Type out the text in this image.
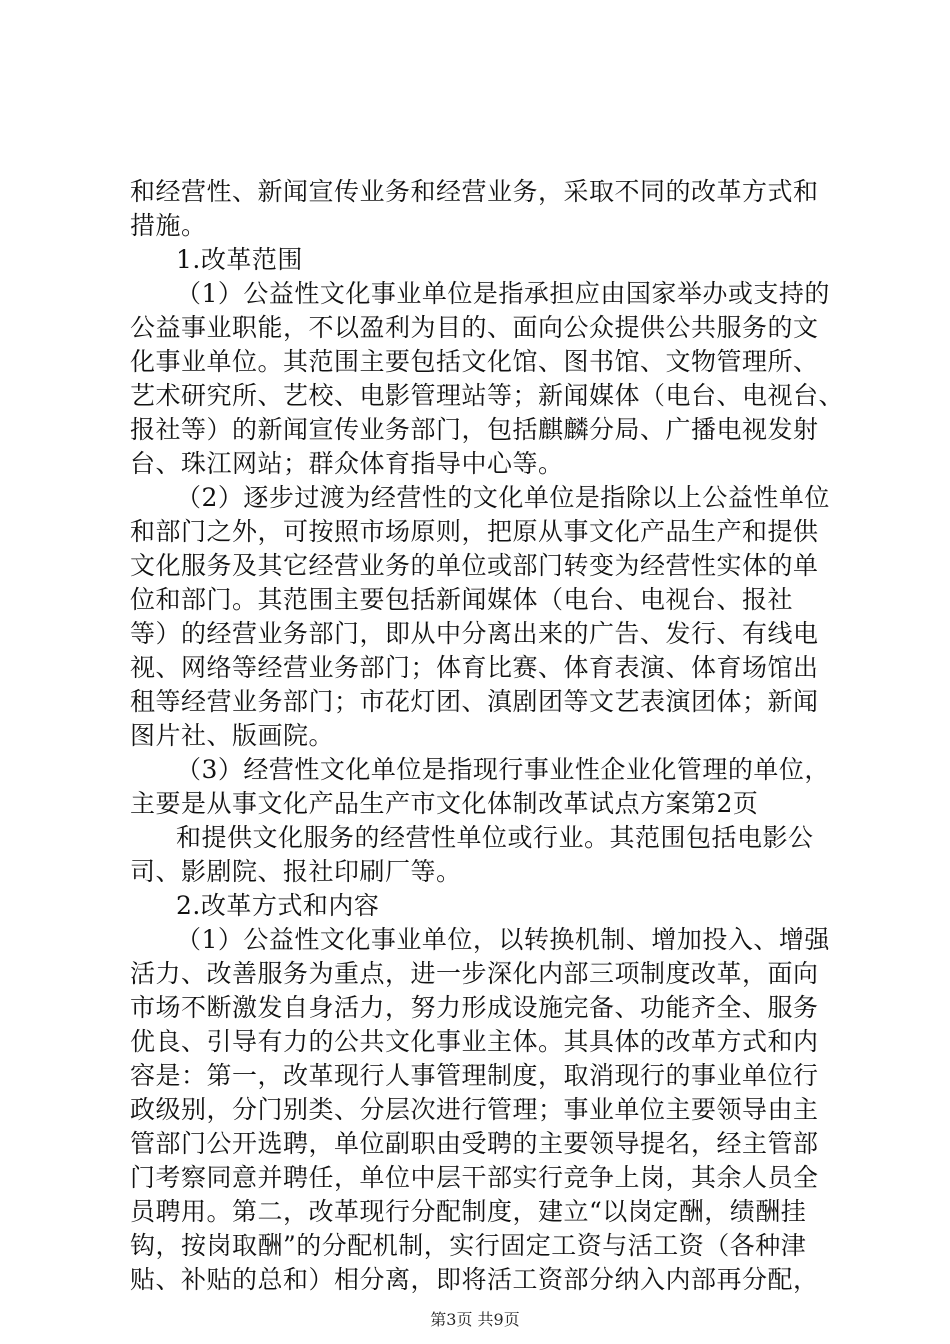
和经营性、新闻宣传业务和经营业务，采取不同的改革方式和
措施。
1.改革范围
（1）公益性文化事业单位是指承担应由国家举办或支持的
公益事业职能，不以盈利为目的、面向公众提供公共服务的文
化事业单位。其范围主要包括文化馆、图书馆、文物管理所、
艺术研究所、艺校、电影管理站等；新闻媒体（电台、电视台、
报社等）的新闻宣传业务部门，包括麒麟分局、广播电视发射
台、珠江网站；群众体育指导中心等。
（2）逐步过渡为经营性的文化单位是指除以上公益性单位
和部门之外，可按照市场原则，把原从事文化产品生产和提供
文化服务及其它经营业务的单位或部门转变为经营性实体的单
位和部门。其范围主要包括新闻媒体（电台、电视台、报社
等）的经营业务部门，即从中分离出来的广告、发行、有线电
视、网络等经营业务部门；体育比赛、体育表演、体育场馆出
租等经营业务部门；市花灯团、滇剧团等文艺表演团体；新闻
图片社、版画院。
（3）经营性文化单位是指现行事业性企业化管理的单位，
主要是从事文化产品生产市文化体制改革试点方案第2页
和提供文化服务的经营性单位或行业。其范围包括电影公
司、影剧院、报社印刷厂等。
2.改革方式和内容
（1）公益性文化事业单位，以转换机制、增加投入、增强
活力、改善服务为重点，进一步深化内部三项制度改革，面向
市场不断激发自身活力，努力形成设施完备、功能齐全、服务
优良、引导有力的公共文化事业主体。其具体的改革方式和内
容是：第一，改革现行人事管理制度，取消现行的事业单位行
政级别，分门别类、分层次进行管理；事业单位主要领导由主
管部门公开选聘，单位副职由受聘的主要领导提名，经主管部
门考察同意并聘任，单位中层干部实行竞争上岗，其余人员全
员聘用。第二，改革现行分配制度，建立“以岗定酬，绩酬挂
钩，按岗取酬”的分配机制，实行固定工资与活工资（各种津
贴、补贴的总和）相分离，即将活工资部分纳入内部再分配，
第3页 共9页
